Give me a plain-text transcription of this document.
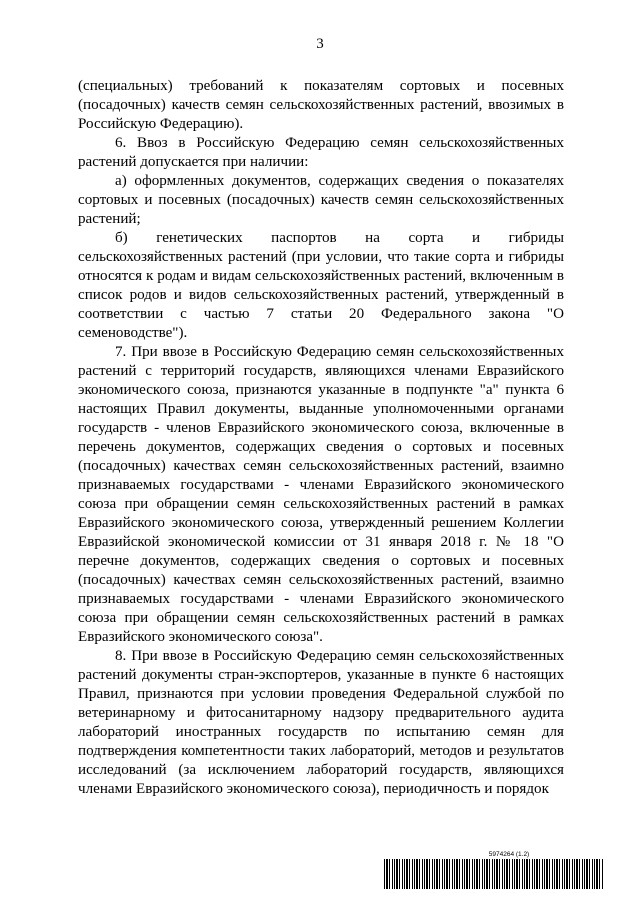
3

(специальных) требований к показателям сортовых и посевных (посадочных) качеств семян сельскохозяйственных растений, ввозимых в Российскую Федерацию).

6. Ввоз в Российскую Федерацию семян сельскохозяйственных растений допускается при наличии:

а) оформленных документов, содержащих сведения о показателях сортовых и посевных (посадочных) качеств семян сельскохозяйственных растений;

б) генетических паспортов на сорта и гибриды сельскохозяйственных растений (при условии, что такие сорта и гибриды относятся к родам и видам сельскохозяйственных растений, включенным в список родов и видов сельскохозяйственных растений, утвержденный в соответствии с частью 7 статьи 20 Федерального закона "О семеноводстве").

7. При ввозе в Российскую Федерацию семян сельскохозяйственных растений с территорий государств, являющихся членами Евразийского экономического союза, признаются указанные в подпункте "а" пункта 6 настоящих Правил документы, выданные уполномоченными органами государств - членов Евразийского экономического союза, включенные в перечень документов, содержащих сведения о сортовых и посевных (посадочных) качествах семян сельскохозяйственных растений, взаимно признаваемых государствами - членами Евразийского экономического союза при обращении семян сельскохозяйственных растений в рамках Евразийского экономического союза, утвержденный решением Коллегии Евразийской экономической комиссии от 31 января 2018 г. № 18 "О перечне документов, содержащих сведения о сортовых и посевных (посадочных) качествах семян сельскохозяйственных растений, взаимно признаваемых государствами - членами Евразийского экономического союза при обращении семян сельскохозяйственных растений в рамках Евразийского экономического союза".

8. При ввозе в Российскую Федерацию семян сельскохозяйственных растений документы стран-экспортеров, указанные в пункте 6 настоящих Правил, признаются при условии проведения Федеральной службой по ветеринарному и фитосанитарному надзору предварительного аудита лабораторий иностранных государств по испытанию семян для подтверждения компетентности таких лабораторий, методов и результатов исследований (за исключением лабораторий государств, являющихся членами Евразийского экономического союза), периодичность и порядок

5974264 (1.2)
